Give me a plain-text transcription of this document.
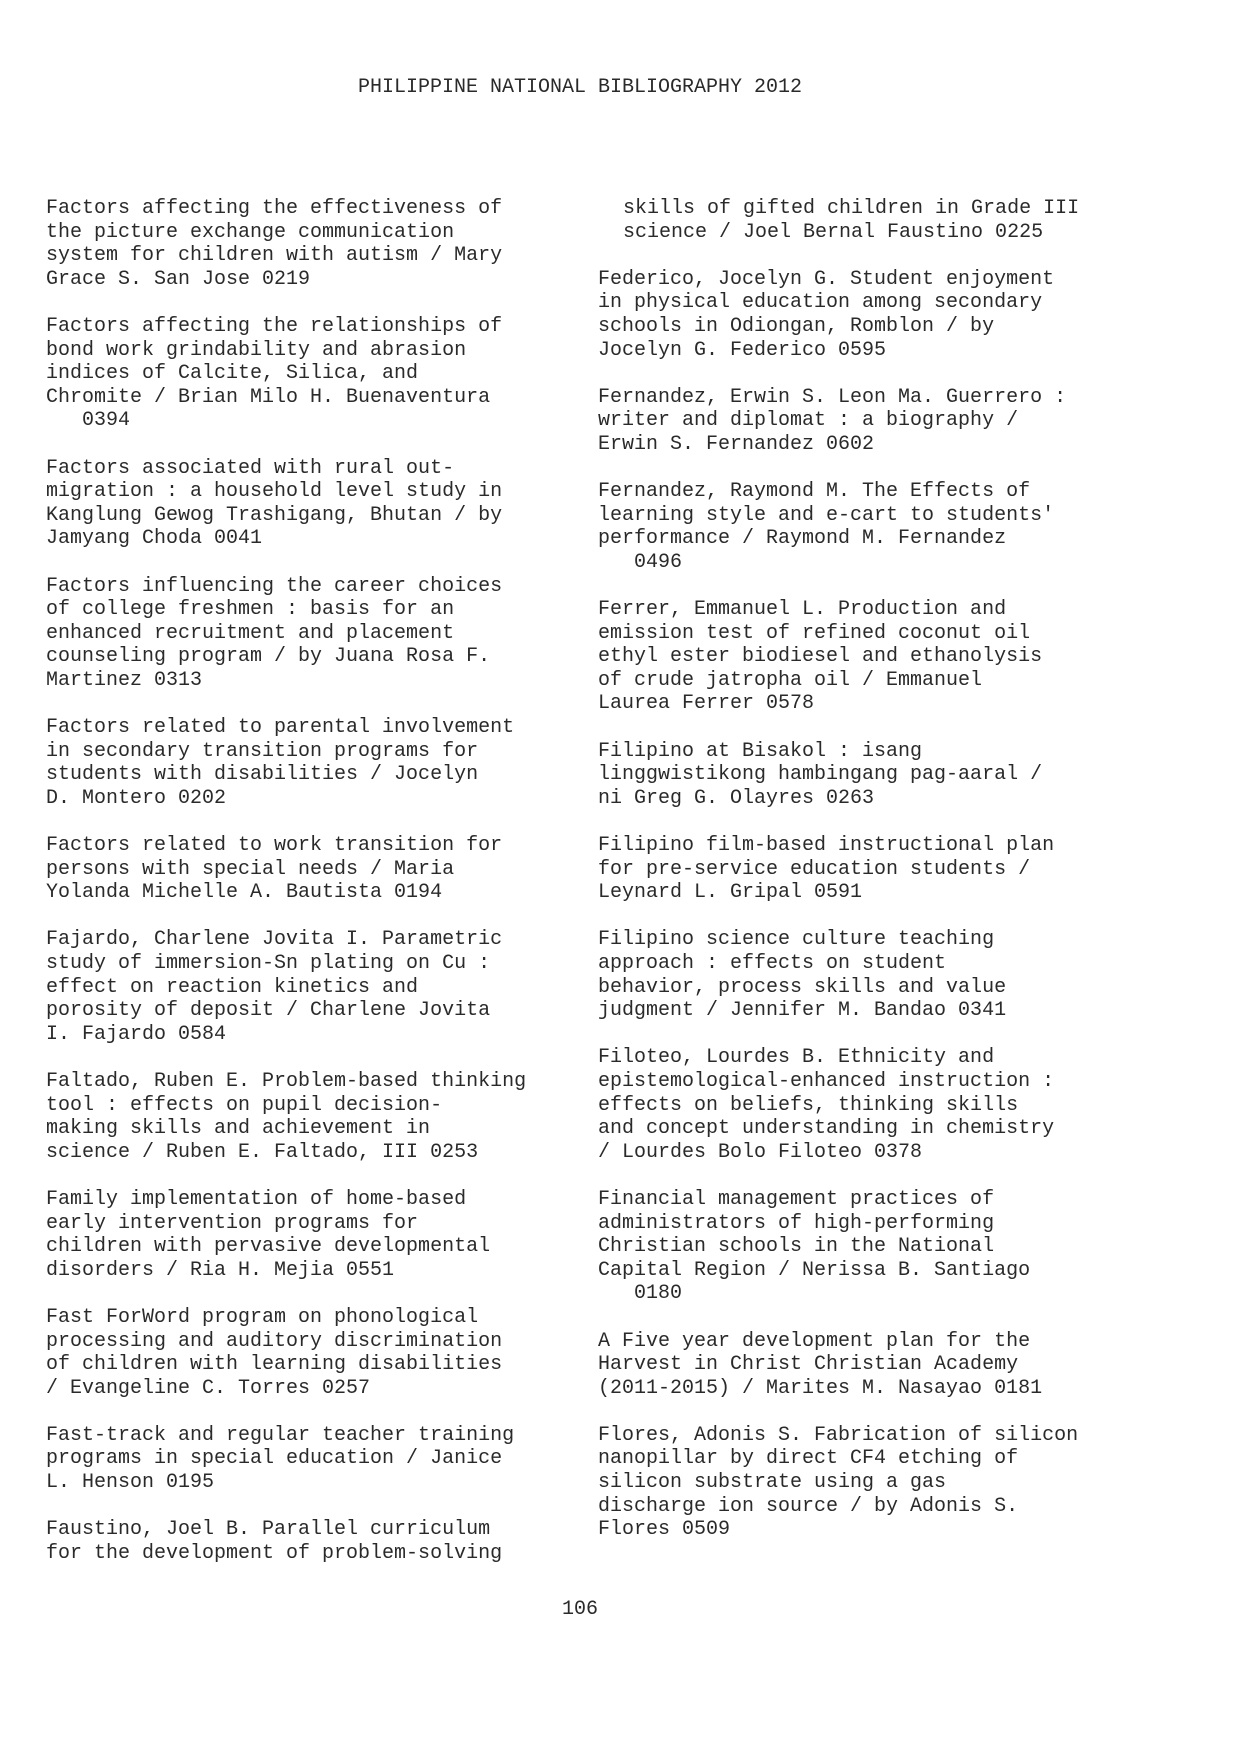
PHILIPPINE NATIONAL BIBLIOGRAPHY 2012

Factors affecting the effectiveness of
the picture exchange communication
system for children with autism / Mary
Grace S. San Jose 0219

Factors affecting the relationships of
bond work grindability and abrasion
indices of Calcite, Silica, and
Chromite / Brian Milo H. Buenaventura
0394

Factors associated with rural out-
migration : a household level study in
Kanglung Gewog Trashigang, Bhutan / by
Jamyang Choda 0041

Factors influencing the career choices
of college freshmen : basis for an
enhanced recruitment and placement
counseling program / by Juana Rosa F.
Martinez 0313

Factors related to parental involvement
in secondary transition programs for
students with disabilities / Jocelyn
D. Montero 0202

Factors related to work transition for
persons with special needs / Maria
Yolanda Michelle A. Bautista 0194

Fajardo, Charlene Jovita I. Parametric
study of immersion-Sn plating on Cu :
effect on reaction kinetics and
porosity of deposit / Charlene Jovita
I. Fajardo 0584

Faltado, Ruben E. Problem-based thinking
tool : effects on pupil decision-
making skills and achievement in
science / Ruben E. Faltado, III 0253

Family implementation of home-based
early intervention programs for
children with pervasive developmental
disorders / Ria H. Mejia 0551

Fast ForWord program on phonological
processing and auditory discrimination
of children with learning disabilities
/ Evangeline C. Torres 0257

Fast-track and regular teacher training
programs in special education / Janice
L. Henson 0195

Faustino, Joel B. Parallel curriculum
for the development of problem-solving

skills of gifted children in Grade III
science / Joel Bernal Faustino 0225

Federico, Jocelyn G. Student enjoyment
in physical education among secondary
schools in Odiongan, Romblon / by
Jocelyn G. Federico 0595

Fernandez, Erwin S. Leon Ma. Guerrero :
writer and diplomat : a biography /
Erwin S. Fernandez 0602

Fernandez, Raymond M. The Effects of
learning style and e-cart to students'
performance / Raymond M. Fernandez
0496

Ferrer, Emmanuel L. Production and
emission test of refined coconut oil
ethyl ester biodiesel and ethanolysis
of crude jatropha oil / Emmanuel
Laurea Ferrer 0578

Filipino at Bisakol : isang
linggwistikong hambingang pag-aaral /
ni Greg G. Olayres 0263

Filipino film-based instructional plan
for pre-service education students /
Leynard L. Gripal 0591

Filipino science culture teaching
approach : effects on student
behavior, process skills and value
judgment / Jennifer M. Bandao 0341

Filoteo, Lourdes B. Ethnicity and
epistemological-enhanced instruction :
effects on beliefs, thinking skills
and concept understanding in chemistry
/ Lourdes Bolo Filoteo 0378

Financial management practices of
administrators of high-performing
Christian schools in the National
Capital Region / Nerissa B. Santiago
0180

A Five year development plan for the
Harvest in Christ Christian Academy
(2011-2015) / Marites M. Nasayao 0181

Flores, Adonis S. Fabrication of silicon
nanopillar by direct CF4 etching of
silicon substrate using a gas
discharge ion source / by Adonis S.
Flores 0509

106
